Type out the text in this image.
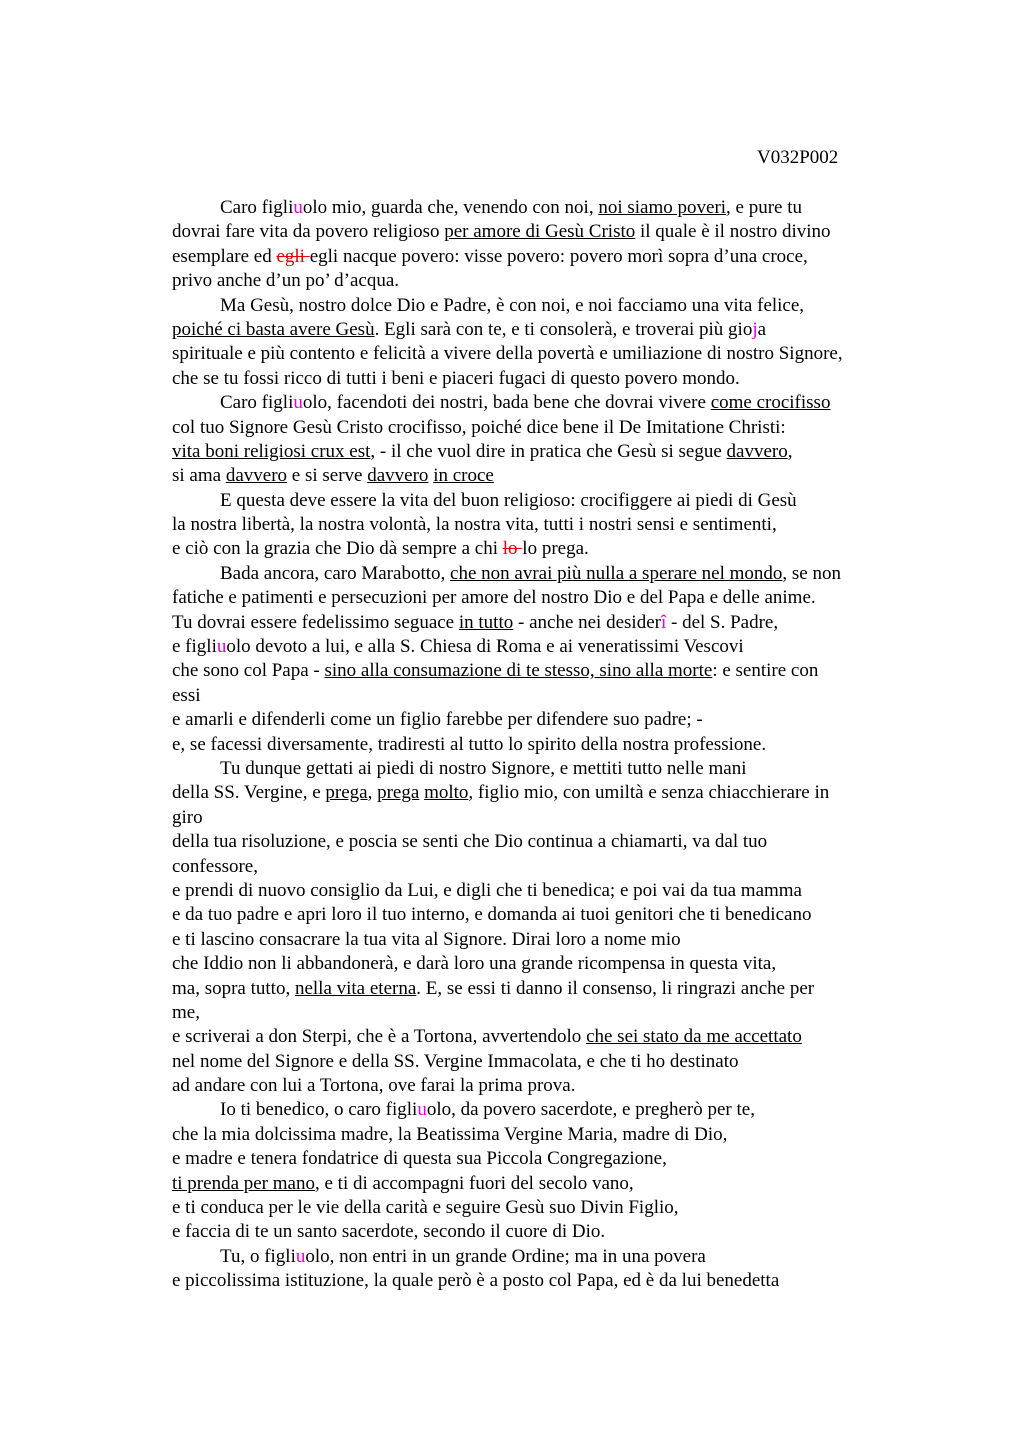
V032P002
Caro figliuolo mio, guarda che, venendo con noi, noi siamo poveri, e pure tu
dovrai fare vita da povero religioso per amore di Gesù Cristo il quale è il nostro divino
esemplare ed egli egli nacque povero: visse povero: povero morì sopra d’una croce,
privo anche d’un po’ d’acqua.
Ma Gesù, nostro dolce Dio e Padre, è con noi, e noi facciamo una vita felice,
poiché ci basta avere Gesù. Egli sarà con te, e ti consolerà, e troverai più gioja
spirituale e più contento e felicità a vivere della povertà e umiliazione di nostro Signore,
che se tu fossi ricco di tutti i beni e piaceri fugaci di questo povero mondo.
Caro figliuolo, facendoti dei nostri, bada bene che dovrai vivere come crocifisso
col tuo Signore Gesù Cristo crocifisso, poiché dice bene il De Imitatione Christi:
vita boni religiosi crux est, - il che vuol dire in pratica che Gesù si segue davvero,
si ama davvero e si serve davvero in croce
E questa deve essere la vita del buon religioso: crocifiggere ai piedi di Gesù
la nostra libertà, la nostra volontà, la nostra vita, tutti i nostri sensi e sentimenti,
e ciò con la grazia che Dio dà sempre a chi lo lo prega.
Bada ancora, caro Marabotto, che non avrai più nulla a sperare nel mondo, se non
fatiche e patimenti e persecuzioni per amore del nostro Dio e del Papa e delle anime.
Tu dovrai essere fedelissimo seguace in tutto - anche nei desiderî - del S. Padre,
e figliuolo devoto a lui, e alla S. Chiesa di Roma e ai veneratissimi Vescovi
che sono col Papa - sino alla consumazione di te stesso, sino alla morte: e sentire con
essi
e amarli e difenderli come un figlio farebbe per difendere suo padre; -
e, se facessi diversamente, tradiresti al tutto lo spirito della nostra professione.
Tu dunque gettati ai piedi di nostro Signore, e mettiti tutto nelle mani
della SS. Vergine, e prega, prega molto, figlio mio, con umiltà e senza chiacchierare in
giro
della tua risoluzione, e poscia se senti che Dio continua a chiamarti, va dal tuo
confessore,
e prendi di nuovo consiglio da Lui, e digli che ti benedica; e poi vai da tua mamma
e da tuo padre e apri loro il tuo interno, e domanda ai tuoi genitori che ti benedicano
e ti lascino consacrare la tua vita al Signore. Dirai loro a nome mio
che Iddio non li abbandonerà, e darà loro una grande ricompensa in questa vita,
ma, sopra tutto, nella vita eterna. E, se essi ti danno il consenso, li ringrazi anche per
me,
e scriverai a don Sterpi, che è a Tortona, avvertendolo che sei stato da me accettato
nel nome del Signore e della SS. Vergine Immacolata, e che ti ho destinato
ad andare con lui a Tortona, ove farai la prima prova.
Io ti benedico, o caro figliuolo, da povero sacerdote, e pregherò per te,
che la mia dolcissima madre, la Beatissima Vergine Maria, madre di Dio,
e madre e tenera fondatrice di questa sua Piccola Congregazione,
ti prenda per mano, e ti di accompagni fuori del secolo vano,
e ti conduca per le vie della carità e seguire Gesù suo Divin Figlio,
e faccia di te un santo sacerdote, secondo il cuore di Dio.
Tu, o figliuolo, non entri in un grande Ordine; ma in una povera
e piccolissima istituzione, la quale però è a posto col Papa, ed è da lui benedetta
